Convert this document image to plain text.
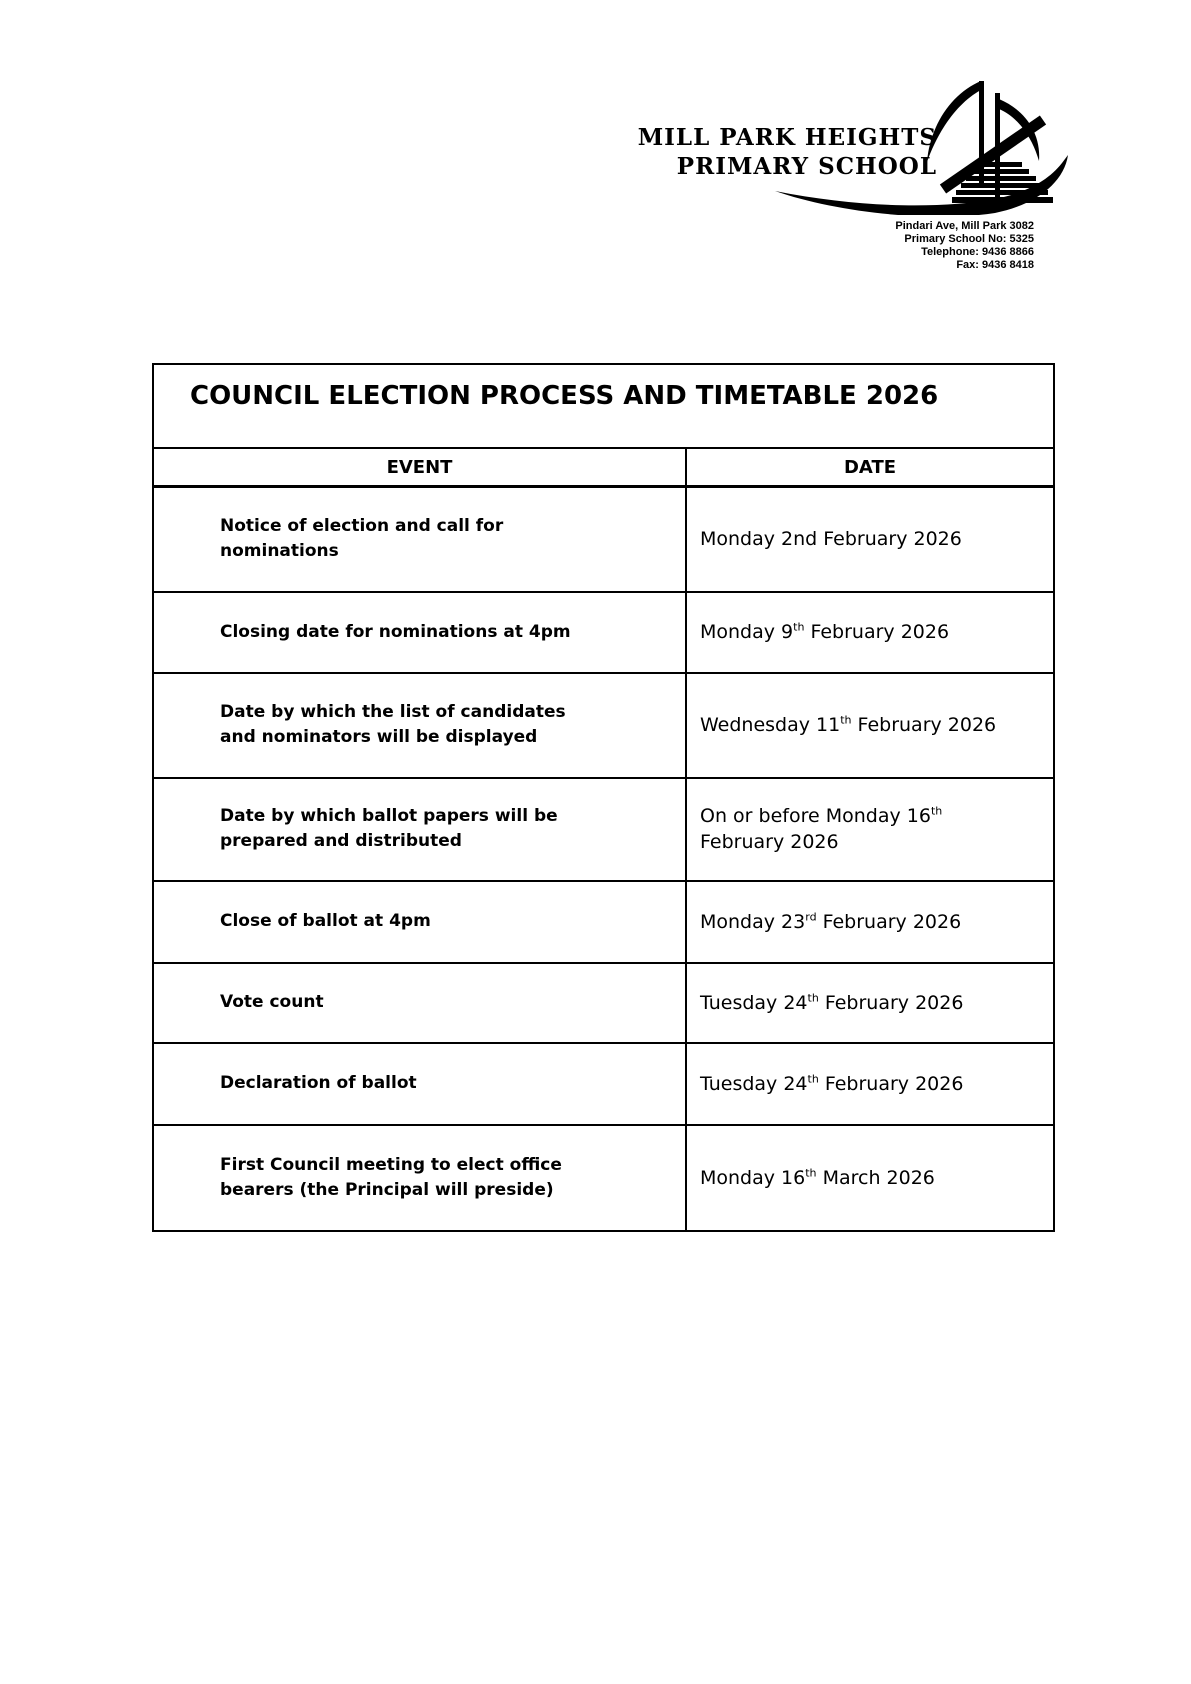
MILL PARK HEIGHTS
PRIMARY SCHOOL
Pindari Ave, Mill Park 3082
Primary School No: 5325
Telephone: 9436 8866
Fax: 9436 8418
COUNCIL ELECTION PROCESS AND TIMETABLE 2026	
EVENT	DATE
Notice of election and call for
nominations	Monday 2nd February 2026
Closing date for nominations at 4pm	Monday 9th February 2026
Date by which the list of candidates
and nominators will be displayed	Wednesday 11th February 2026
Date by which ballot papers will be
prepared and distributed	On or before Monday 16th
February 2026
Close of ballot at 4pm	Monday 23rd February 2026
Vote count	Tuesday 24th February 2026
Declaration of ballot	Tuesday 24th February 2026
First Council meeting to elect office
bearers (the Principal will preside)	Monday 16th March 2026
